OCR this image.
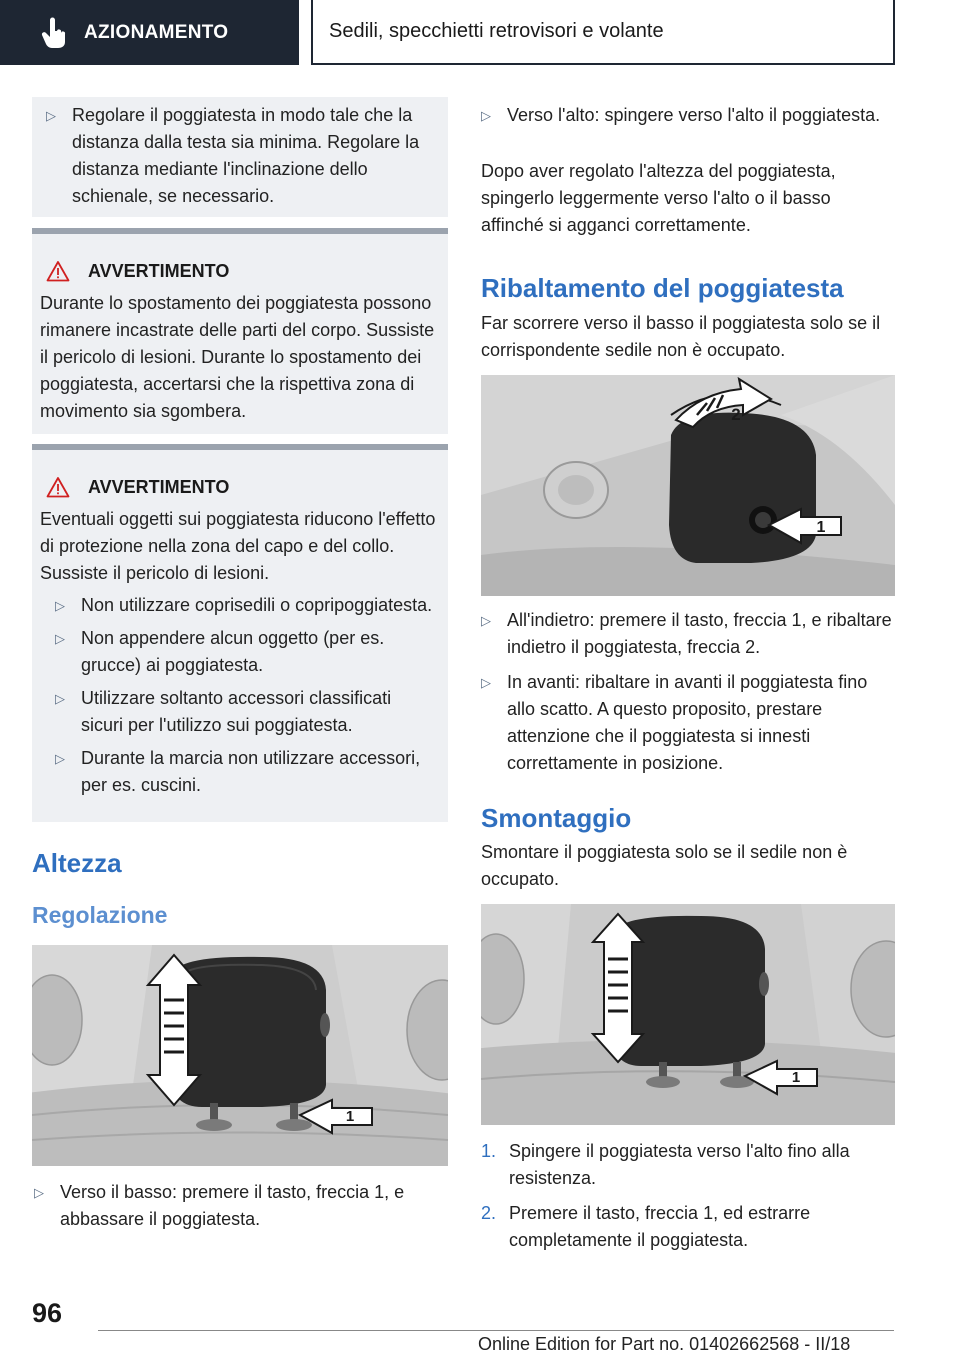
AZIONAMENTO	Sedili, specchietti retrovisori e volante
▷ Regolare il poggiatesta in modo tale che la distanza dalla testa sia minima. Regolare la distanza mediante l'inclinazione dello schienale, se necessario.
AVVERTIMENTO
Durante lo spostamento dei poggiatesta possono rimanere incastrate delle parti del corpo. Sussiste il pericolo di lesioni. Durante lo spostamento dei poggiatesta, accertarsi che la rispettiva zona di movimento sia sgombera.
AVVERTIMENTO
Eventuali oggetti sui poggiatesta riducono l'effetto di protezione nella zona del capo e del collo. Sussiste il pericolo di lesioni.
▷ Non utilizzare coprisedili o copripoggiatesta.
▷ Non appendere alcun oggetto (per es. grucce) ai poggiatesta.
▷ Utilizzare soltanto accessori classificati sicuri per l'utilizzo sui poggiatesta.
▷ Durante la marcia non utilizzare accessori, per es. cuscini.
Altezza
Regolazione
1
▷ Verso il basso: premere il tasto, freccia 1, e abbassare il poggiatesta.
▷ Verso l'alto: spingere verso l'alto il poggiatesta.
Dopo aver regolato l'altezza del poggiatesta, spingerlo leggermente verso l'alto o il basso affinché si agganci correttamente.
Ribaltamento del poggiatesta
Far scorrere verso il basso il poggiatesta solo se il corrispondente sedile non è occupato.
2
1
▷ All'indietro: premere il tasto, freccia 1, e ribaltare indietro il poggiatesta, freccia 2.
▷ In avanti: ribaltare in avanti il poggiatesta fino allo scatto. A questo proposito, prestare attenzione che il poggiatesta si innesti correttamente in posizione.
Smontaggio
Smontare il poggiatesta solo se il sedile non è occupato.
1
1. Spingere il poggiatesta verso l'alto fino alla resistenza.
2. Premere il tasto, freccia 1, ed estrarre completamente il poggiatesta.
96
Online Edition for Part no. 01402662568 - II/18
